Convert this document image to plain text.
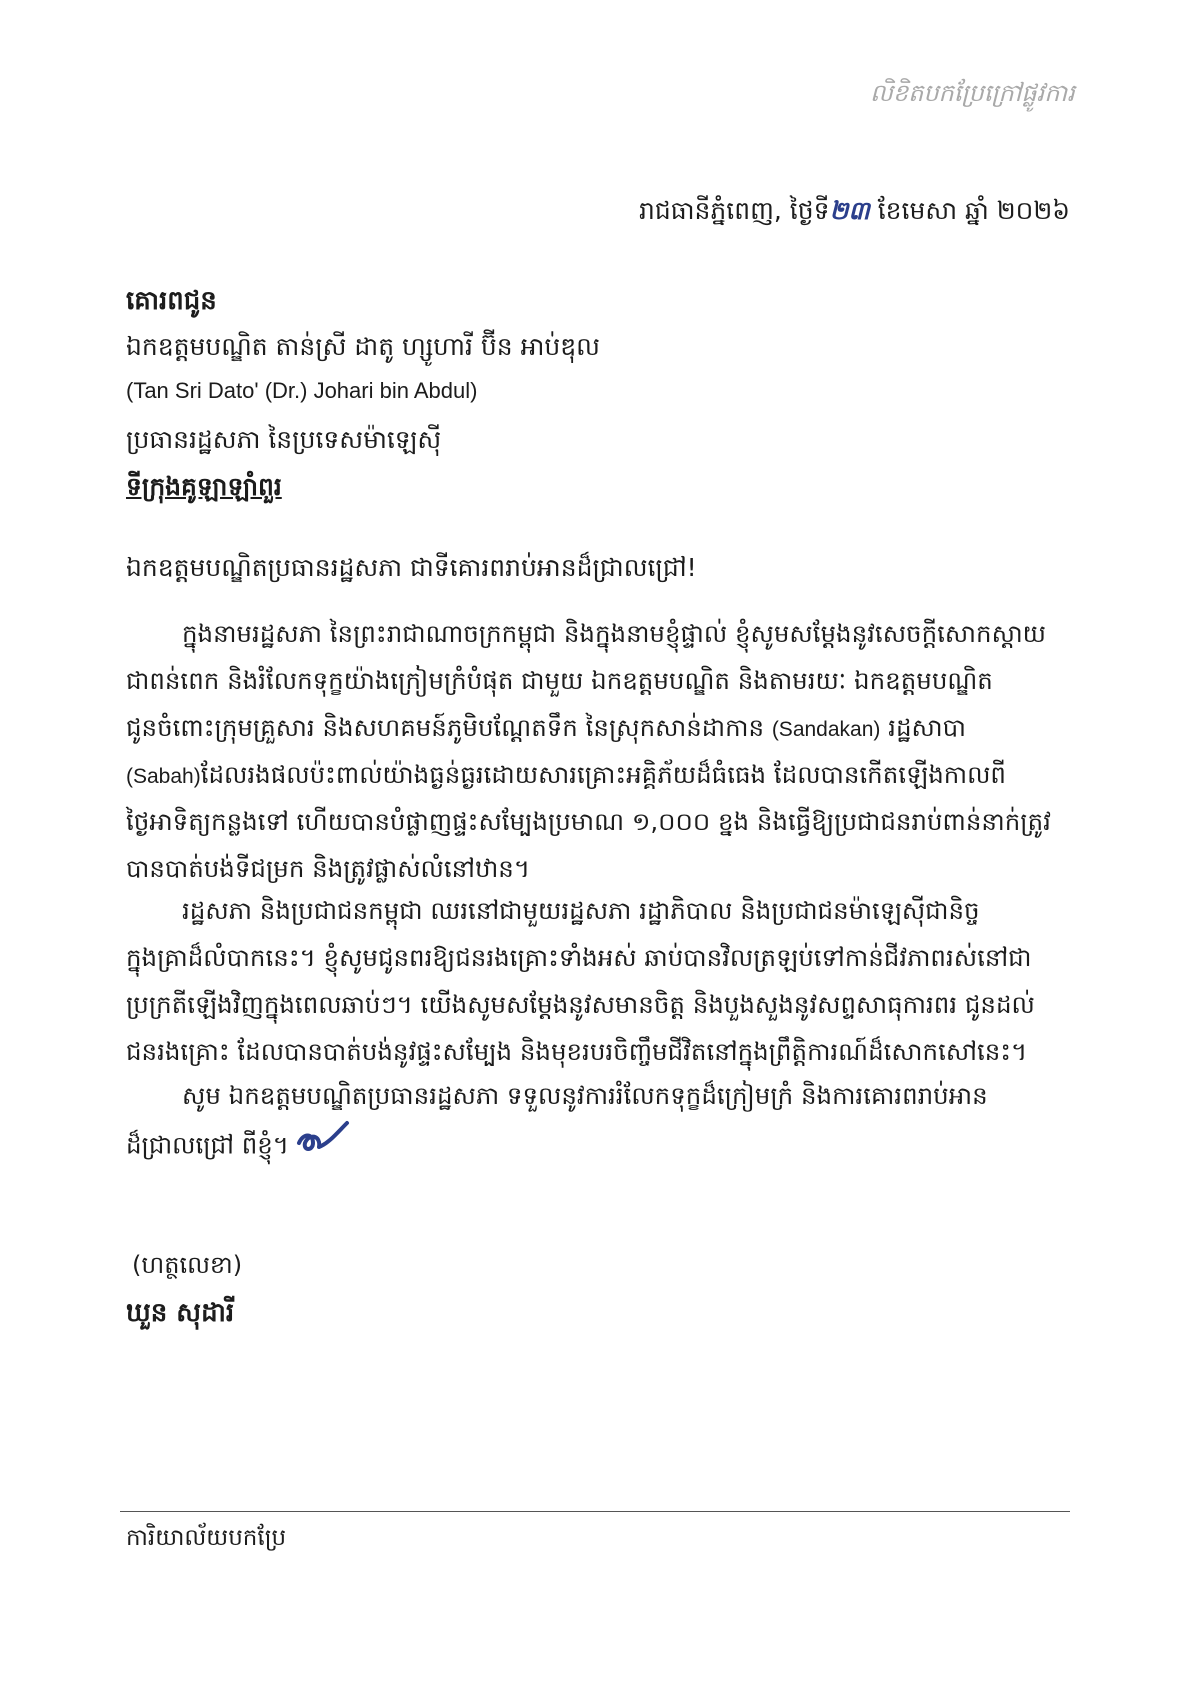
លិខិតបកប្រែក្រៅផ្លូវការ
រាជធានីភ្នំពេញ, ថ្ងៃទី២៣ ខែមេសា ឆ្នាំ ២០២៦
គោរពជូន
ឯកឧត្តមបណ្ឌិត តាន់ស្រី ដាតូ ហ្សូហារី ប៊ីន អាប់ឌុល
(Tan Sri Dato' (Dr.) Johari bin Abdul)
ប្រធានរដ្ឋសភា នៃប្រទេសម៉ាឡេស៊ី
ទីក្រុងគូឡាឡាំពួរ
ឯកឧត្តមបណ្ឌិតប្រធានរដ្ឋសភា ជាទីគោរពរាប់អានដ៏ជ្រាលជ្រៅ!
ក្នុងនាមរដ្ឋសភា នៃព្រះរាជាណាចក្រកម្ពុជា និងក្នុងនាមខ្ញុំផ្ទាល់ ខ្ញុំសូមសម្ដែងនូវសេចក្ដីសោកស្ដាយ
ជាពន់ពេក និងរំលែកទុក្ខយ៉ាងក្រៀមក្រំបំផុត ជាមួយ ឯកឧត្តមបណ្ឌិត និងតាមរយៈ ឯកឧត្តមបណ្ឌិត
ជូនចំពោះក្រុមគ្រួសារ និងសហគមន៍ភូមិបណ្ដែតទឹក នៃស្រុកសាន់ដាកាន (Sandakan) រដ្ឋសាបា
(Sabah)ដែលរងផលប៉ះពាល់យ៉ាងធ្ងន់ធ្ងរដោយសារគ្រោះអគ្គិភ័យដ៏ធំធេង ដែលបានកើតឡើងកាលពី
ថ្ងៃអាទិត្យកន្លងទៅ ហើយបានបំផ្លាញផ្ទះសម្បែងប្រមាណ ១,០០០ ខ្នង និងធ្វើឱ្យប្រជាជនរាប់ពាន់នាក់ត្រូវ
បានបាត់បង់ទីជម្រក និងត្រូវផ្លាស់លំនៅឋាន។
រដ្ឋសភា និងប្រជាជនកម្ពុជា ឈរនៅជាមួយរដ្ឋសភា រដ្ឋាភិបាល និងប្រជាជនម៉ាឡេស៊ីជានិច្ច
ក្នុងគ្រាដ៏លំបាកនេះ។ ខ្ញុំសូមជូនពរឱ្យជនរងគ្រោះទាំងអស់ ឆាប់បានវិលត្រឡប់ទៅកាន់ជីវភាពរស់នៅជា
ប្រក្រតីឡើងវិញក្នុងពេលឆាប់ៗ។ យើងសូមសម្ដែងនូវសមានចិត្ត និងបួងសួងនូវសព្ទសាធុការពរ ជូនដល់
ជនរងគ្រោះ ដែលបានបាត់បង់នូវផ្ទះសម្បែង និងមុខរបរចិញ្ចឹមជីវិតនៅក្នុងព្រឹត្តិការណ៍ដ៏សោកសៅនេះ។
សូម ឯកឧត្តមបណ្ឌិតប្រធានរដ្ឋសភា ទទួលនូវការរំលែកទុក្ខដ៏ក្រៀមក្រំ និងការគោរពរាប់អាន
ដ៏ជ្រាលជ្រៅ ពីខ្ញុំ។
(ហត្ថលេខា)
ឃួន សុដារី
ការិយាល័យបកប្រែ
